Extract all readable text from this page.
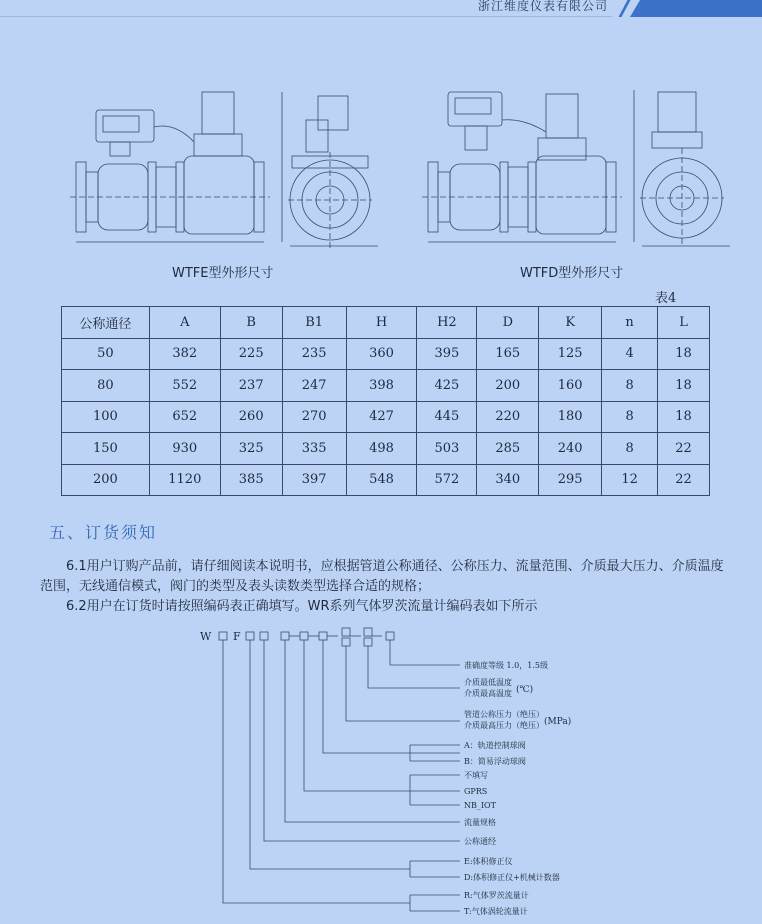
浙江维度仪表有限公司
WTFE型外形尺寸	WTFD型外形尺寸
表4
公称通径	A	B	B1	H	H2	D	K	n	L
50	382	225	235	360	395	165	125	4	18
80	552	237	247	398	425	200	160	8	18
100	652	260	270	427	445	220	180	8	18
150	930	325	335	498	503	285	240	8	22
200	1120	385	397	548	572	340	295	12	22
五、订货须知
6.1用户订购产品前，请仔细阅读本说明书，应根据管道公称通径、公称压力、流量范围、介质最大压力、介质温度范围，无线通信模式，阀门的类型及表头读数类型选择合适的规格；
6.2用户在订货时请按照编码表正确填写。WR系列气体罗茨流量计编码表如下所示
W F
准确度等级 1.0，1.5级
介质最低温度
介质最高温度 (℃)
管道公称压力（绝压）
介质最高压力（绝压） (MPa)
A：轨道控制球阀
B：简易浮动球阀
不填写
GPRS
NB_IOT
流量规格
公称通经
E:体积修正仪
D:体积修正仪+机械计数器
R:气体罗茨流量计
T:气体涡轮流量计
